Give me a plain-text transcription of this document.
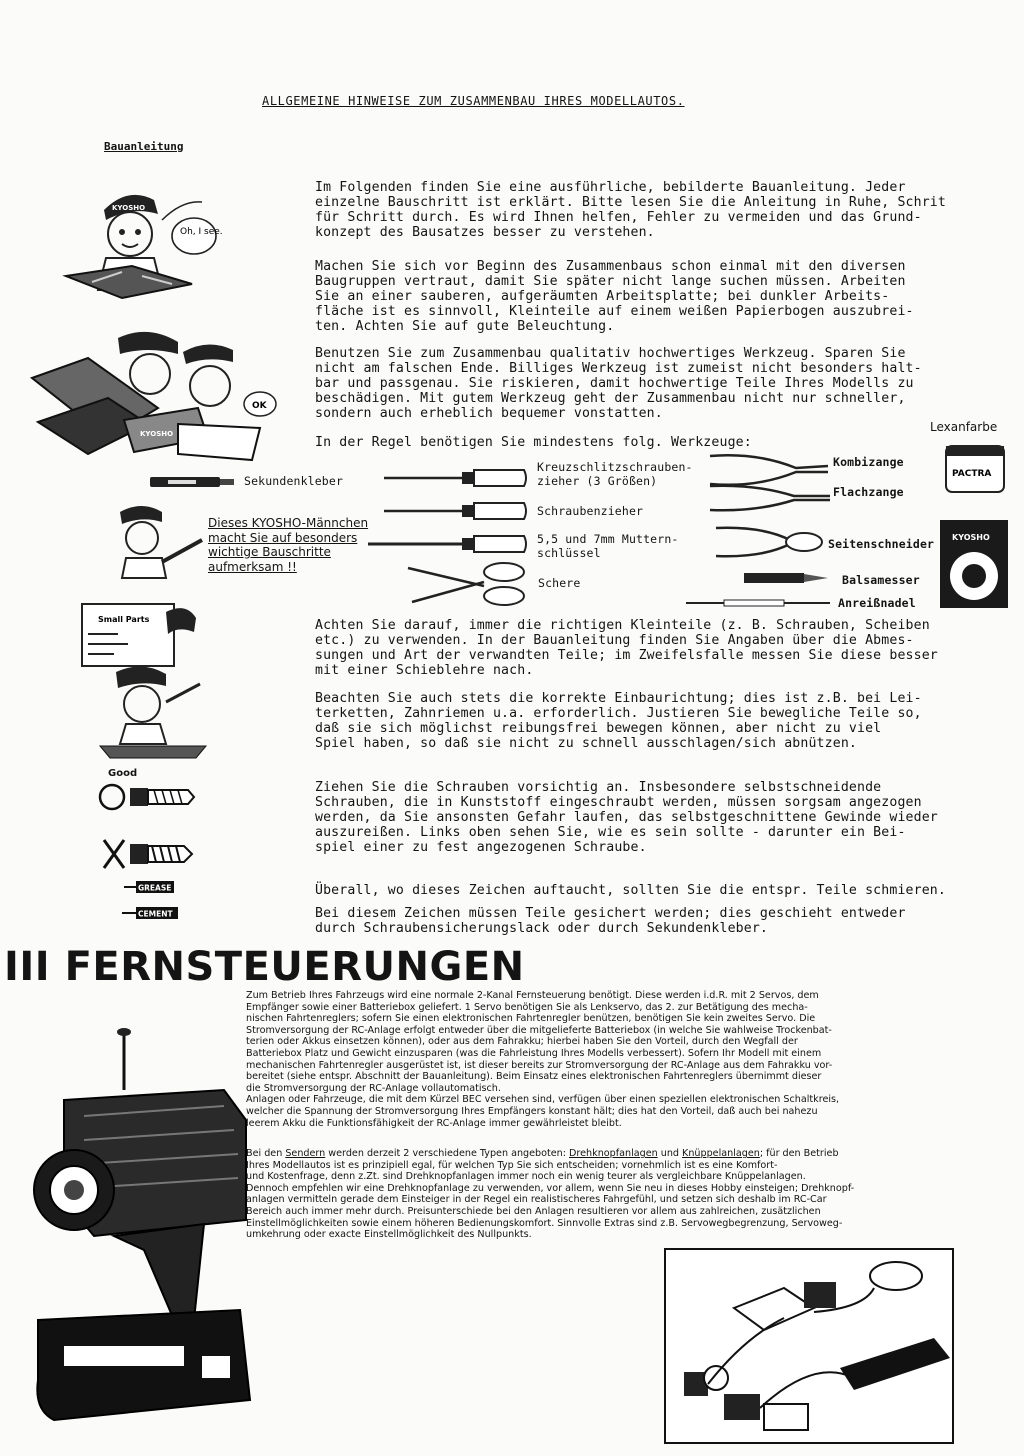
ALLGEMEINE HINWEISE ZUM ZUSAMMENBAU IHRES MODELLAUTOS.
Bauanleitung
KYOSHO
Oh, I see.
OK
KYOSHO
Im Folgenden finden Sie eine ausführliche, bebilderte Bauanleitung. Jeder
einzelne Bauschritt ist erklärt. Bitte lesen Sie die Anleitung in Ruhe, Schrit
für Schritt durch. Es wird Ihnen helfen, Fehler zu vermeiden und das Grund-
konzept des Bausatzes besser zu verstehen.
Machen Sie sich vor Beginn des Zusammenbaus schon einmal mit den diversen
Baugruppen vertraut, damit Sie später nicht lange suchen müssen. Arbeiten
Sie an einer sauberen, aufgeräumten Arbeitsplatte; bei dunkler Arbeits-
fläche ist es sinnvoll, Kleinteile auf einem weißen Papierbogen auszubrei-
ten. Achten Sie auf gute Beleuchtung.
Benutzen Sie zum Zusammenbau qualitativ hochwertiges Werkzeug. Sparen Sie
nicht am falschen Ende. Billiges Werkzeug ist zumeist nicht besonders halt-
bar und passgenau. Sie riskieren, damit hochwertige Teile Ihres Modells zu
beschädigen. Mit gutem Werkzeug geht der Zusammenbau nicht nur schneller,
sondern auch erheblich bequemer vonstatten.
In der Regel benötigen Sie mindestens folg. Werkzeuge:
Sekundenkleber
Kreuzschlitzschrauben-
zieher (3 Größen)
Schraubenzieher
5,5 und 7mm Muttern-
schlüssel
Schere
Kombizange
Flachzange
Seitenschneider
Balsamesser
Anreißnadel
Lexanfarbe
PACTRA
KYOSHO
Dieses KYOSHO-Männchen
macht Sie auf besonders
wichtige Bauschritte
aufmerksam !!
Small Parts	Achten Sie darauf, immer die richtigen Kleinteile (z. B. Schrauben, Scheiben
etc.) zu verwenden. In der Bauanleitung finden Sie Angaben über die Abmes-
sungen und Art der verwandten Teile; im Zweifelsfalle messen Sie diese besser
mit einer Schieblehre nach.
Beachten Sie auch stets die korrekte Einbaurichtung; dies ist z.B. bei Lei-
terketten, Zahnriemen u.a. erforderlich. Justieren Sie bewegliche Teile so,
daß sie sich möglichst reibungsfrei bewegen können, aber nicht zu viel
Spiel haben, so daß sie nicht zu schnell ausschlagen/sich abnützen.
Ziehen Sie die Schrauben vorsichtig an. Insbesondere selbstschneidende
Schrauben, die in Kunststoff eingeschraubt werden, müssen sorgsam angezogen
werden, da Sie ansonsten Gefahr laufen, das selbstgeschnittene Gewinde wieder
auszureißen. Links oben sehen Sie, wie es sein sollte - darunter ein Bei-
spiel einer zu fest angezogenen Schraube.
Good
GREASE
CEMENT
Überall, wo dieses Zeichen auftaucht, sollten Sie die entspr. Teile schmieren.
Bei diesem Zeichen müssen Teile gesichert werden; dies geschieht entweder
durch Schraubensicherungslack oder durch Sekundenkleber.
III FERNSTEUERUNGEN
Zum Betrieb Ihres Fahrzeugs wird eine normale 2-Kanal Fernsteuerung benötigt. Diese werden i.d.R. mit 2 Servos, dem
Empfänger sowie einer Batteriebox geliefert. 1 Servo benötigen Sie als Lenkservo, das 2. zur Betätigung des mecha-
nischen Fahrtenreglers; sofern Sie einen elektronischen Fahrtenregler benützen, benötigen Sie kein zweites Servo. Die
Stromversorgung der RC-Anlage erfolgt entweder über die mitgelieferte Batteriebox (in welche Sie wahlweise Trockenbat-
terien oder Akkus einsetzen können), oder aus dem Fahrakku; hierbei haben Sie den Vorteil, durch den Wegfall der
Batteriebox Platz und Gewicht einzusparen (was die Fahrleistung Ihres Modells verbessert). Sofern Ihr Modell mit einem
mechanischen Fahrtenregler ausgerüstet ist, ist dieser bereits zur Stromversorgung der RC-Anlage aus dem Fahrakku vor-
bereitet (siehe entspr. Abschnitt der Bauanleitung). Beim Einsatz eines elektronischen Fahrtenreglers übernimmt dieser
die Stromversorgung der RC-Anlage vollautomatisch.
Anlagen oder Fahrzeuge, die mit dem Kürzel BEC versehen sind, verfügen über einen speziellen elektronischen Schaltkreis,
welcher die Spannung der Stromversorgung Ihres Empfängers konstant hält; dies hat den Vorteil, daß auch bei nahezu
leerem Akku die Funktionsfähigkeit der RC-Anlage immer gewährleistet bleibt.
Bei den Sendern werden derzeit 2 verschiedene Typen angeboten: Drehknopfanlagen und Knüppelanlagen; für den Betrieb
Ihres Modellautos ist es prinzipiell egal, für welchen Typ Sie sich entscheiden; vornehmlich ist es eine Komfort-
und Kostenfrage, denn z.Zt. sind Drehknopfanlagen immer noch ein wenig teurer als vergleichbare Knüppelanlagen.
Dennoch empfehlen wir eine Drehknopfanlage zu verwenden, vor allem, wenn Sie neu in dieses Hobby einsteigen; Drehknopf-
anlagen vermitteln gerade dem Einsteiger in der Regel ein realistischeres Fahrgefühl, und setzen sich deshalb im RC-Car
Bereich auch immer mehr durch. Preisunterschiede bei den Anlagen resultieren vor allem aus zahlreichen, zusätzlichen
Einstellmöglichkeiten sowie einem höheren Bedienungskomfort. Sinnvolle Extras sind z.B. Servowegbegrenzung, Servoweg-
umkehrung oder exacte Einstellmöglichkeit des Nullpunkts.
